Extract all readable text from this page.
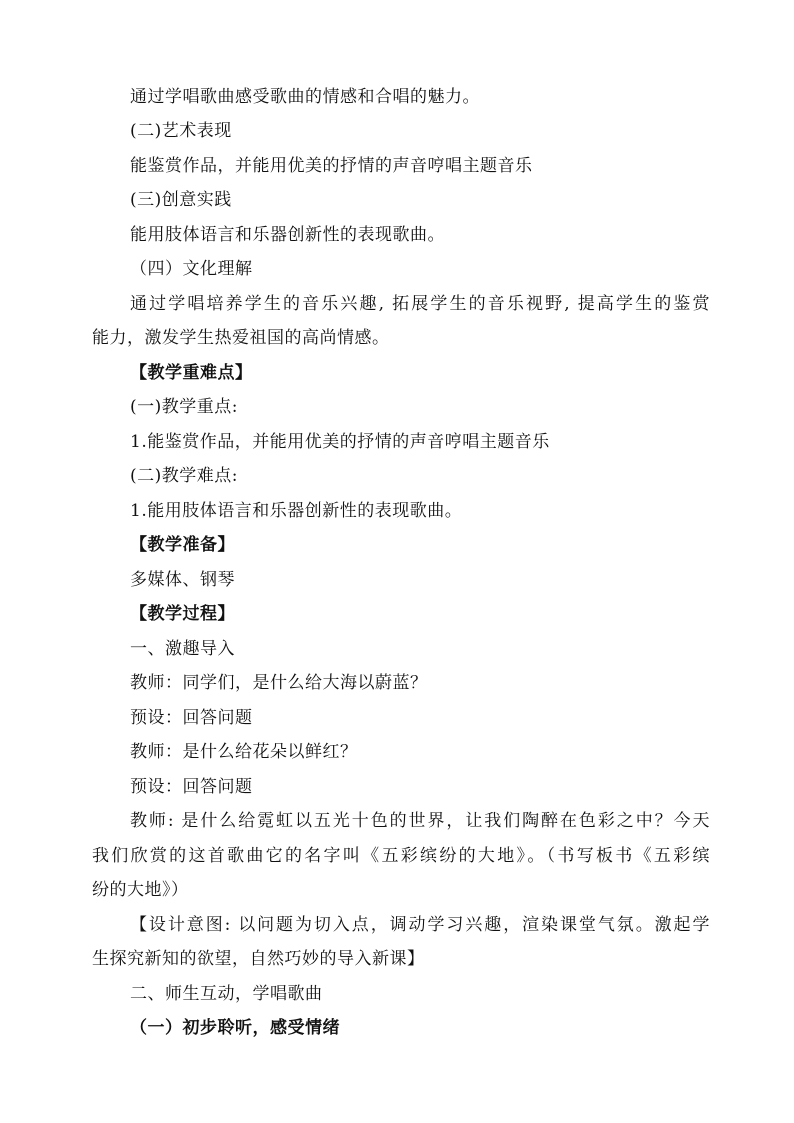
通过学唱歌曲感受歌曲的情感和合唱的魅力。
(二)艺术表现
能鉴赏作品，并能用优美的抒情的声音哼唱主题音乐
(三)创意实践
能用肢体语言和乐器创新性的表现歌曲。
（四）文化理解
通过学唱培养学生的音乐兴趣, 拓展学生的音乐视野, 提高学生的鉴赏
能力，激发学生热爱祖国的高尚情感。
【教学重难点】
(一)教学重点:
1.能鉴赏作品，并能用优美的抒情的声音哼唱主题音乐
(二)教学难点:
1.能用肢体语言和乐器创新性的表现歌曲。
【教学准备】
多媒体、钢琴
【教学过程】
一、激趣导入
教师：同学们，是什么给大海以蔚蓝？
预设：回答问题
教师：是什么给花朵以鲜红？
预设：回答问题
教师: 是什么给霓虹以五光十色的世界，让我们陶醉在色彩之中？今天
我们欣赏的这首歌曲它的名字叫《五彩缤纷的大地》。（书写板书《五彩缤
纷的大地》）
【设计意图: 以问题为切入点，调动学习兴趣，渲染课堂气氛。激起学
生探究新知的欲望，自然巧妙的导入新课】
二、师生互动，学唱歌曲
（一）初步聆听，感受情绪
